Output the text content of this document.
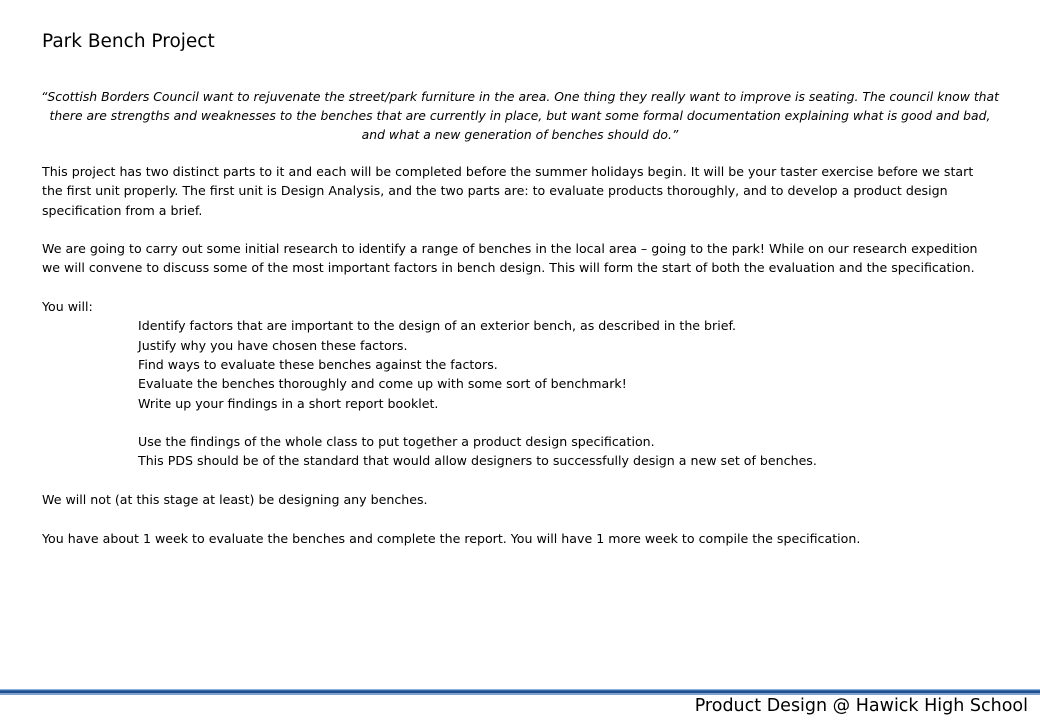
Park Bench Project
“Scottish Borders Council want to rejuvenate the street/park furniture in the area. One thing they really want to improve is seating. The council know that there are strengths and weaknesses to the benches that are currently in place, but want some formal documentation explaining what is good and bad, and what a new generation of benches should do.”

This project has two distinct parts to it and each will be completed before the summer holidays begin. It will be your taster exercise before we start the first unit properly. The first unit is Design Analysis, and the two parts are: to evaluate products thoroughly, and to develop a product design specification from a brief.

We are going to carry out some initial research to identify a range of benches in the local area – going to the park! While on our research expedition we will convene to discuss some of the most important factors in bench design. This will form the start of both the evaluation and the specification.

You will:

Identify factors that are important to the design of an exterior bench, as described in the brief.

Justify why you have chosen these factors.

Find ways to evaluate these benches against the factors.

Evaluate the benches thoroughly and come up with some sort of benchmark!

Write up your findings in a short report booklet.

Use the findings of the whole class to put together a product design specification.

This PDS should be of the standard that would allow designers to successfully design a new set of benches.

We will not (at this stage at least) be designing any benches.

You have about 1 week to evaluate the benches and complete the report. You will have 1 more week to compile the specification.

Product Design @ Hawick High School
